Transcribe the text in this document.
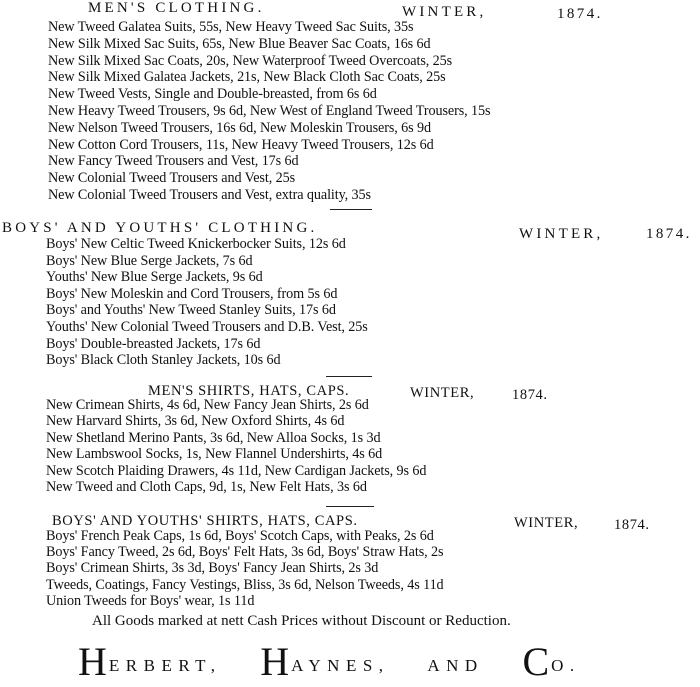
MEN'S CLOTHING.	WINTER,	1874.
New Tweed Galatea Suits, 55s, New Heavy Tweed Sac Suits, 35s
New Silk Mixed Sac Suits, 65s, New Blue Beaver Sac Coats, 16s 6d
New Silk Mixed Sac Coats, 20s, New Waterproof Tweed Overcoats, 25s
New Silk Mixed Galatea Jackets, 21s, New Black Cloth Sac Coats, 25s
New Tweed Vests, Single and Double-breasted, from 6s 6d
New Heavy Tweed Trousers, 9s 6d, New West of England Tweed Trousers, 15s
New Nelson Tweed Trousers, 16s 6d, New Moleskin Trousers, 6s 9d
New Cotton Cord Trousers, 11s, New Heavy Tweed Trousers, 12s 6d
New Fancy Tweed Trousers and Vest, 17s 6d
New Colonial Tweed Trousers and Vest, 25s
New Colonial Tweed Trousers and Vest, extra quality, 35s
BOYS' AND YOUTHS' CLOTHING.	WINTER,	1874.
Boys' New Celtic Tweed Knickerbocker Suits, 12s 6d
Boys' New Blue Serge Jackets, 7s 6d
Youths' New Blue Serge Jackets, 9s 6d
Boys' New Moleskin and Cord Trousers, from 5s 6d
Boys' and Youths' New Tweed Stanley Suits, 17s 6d
Youths' New Colonial Tweed Trousers and D.B. Vest, 25s
Boys' Double-breasted Jackets, 17s 6d
Boys' Black Cloth Stanley Jackets, 10s 6d
MEN'S SHIRTS, HATS, CAPS.	WINTER,	1874.
New Crimean Shirts, 4s 6d, New Fancy Jean Shirts, 2s 6d
New Harvard Shirts, 3s 6d, New Oxford Shirts, 4s 6d
New Shetland Merino Pants, 3s 6d, New Alloa Socks, 1s 3d
New Lambswool Socks, 1s, New Flannel Undershirts, 4s 6d
New Scotch Plaiding Drawers, 4s 11d, New Cardigan Jackets, 9s 6d
New Tweed and Cloth Caps, 9d, 1s, New Felt Hats, 3s 6d
BOYS' AND YOUTHS' SHIRTS, HATS, CAPS.	WINTER, 1874.
Boys' French Peak Caps, 1s 6d, Boys' Scotch Caps, with Peaks, 2s 6d
Boys' Fancy Tweed, 2s 6d, Boys' Felt Hats, 3s 6d, Boys' Straw Hats, 2s
Boys' Crimean Shirts, 3s 3d, Boys' Fancy Jean Shirts, 2s 3d
Tweeds, Coatings, Fancy Vestings, Bliss, 3s 6d, Nelson Tweeds, 4s 11d
Union Tweeds for Boys' wear, 1s 11d
All Goods marked at nett Cash Prices without Discount or Reduction.
HERBERT, HAYNES, AND CO.
